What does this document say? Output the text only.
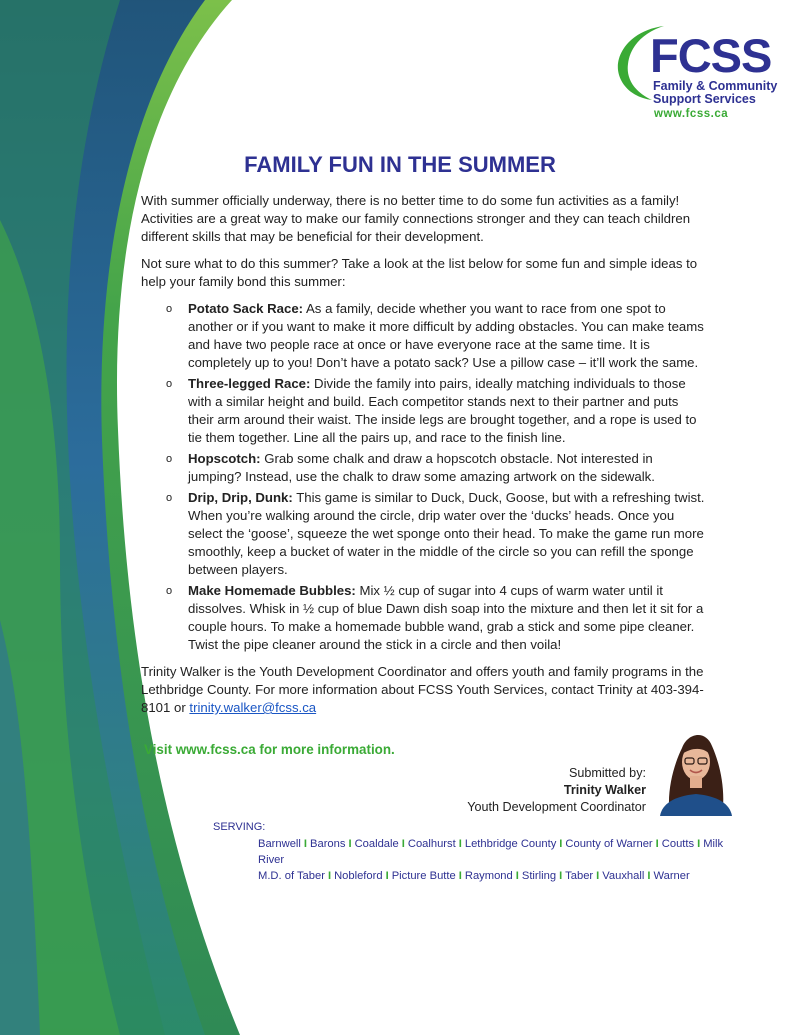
FCSS
Family & Community
Support Services
www.fcss.ca
FAMILY FUN IN THE SUMMER

With summer officially underway, there is no better time to do some fun activities as a family! Activities are a great way to make our family connections stronger and they can teach children different skills that may be beneficial for their development.

Not sure what to do this summer? Take a look at the list below for some fun and simple ideas to help your family bond this summer:

o Potato Sack Race: As a family, decide whether you want to race from one spot to another or if you want to make it more difficult by adding obstacles. You can make teams and have two people race at once or have everyone race at the same time. It is completely up to you! Don’t have a potato sack? Use a pillow case – it’ll work the same.
o Three-legged Race: Divide the family into pairs, ideally matching individuals to those with a similar height and build. Each competitor stands next to their partner and puts their arm around their waist. The inside legs are brought together, and a rope is used to tie them together. Line all the pairs up, and race to the finish line.
o Hopscotch: Grab some chalk and draw a hopscotch obstacle. Not interested in jumping? Instead, use the chalk to draw some amazing artwork on the sidewalk.
o Drip, Drip, Dunk: This game is similar to Duck, Duck, Goose, but with a refreshing twist. When you’re walking around the circle, drip water over the ‘ducks’ heads. Once you select the ‘goose’, squeeze the wet sponge onto their head. To make the game run more smoothly, keep a bucket of water in the middle of the circle so you can refill the sponge between players.
o Make Homemade Bubbles: Mix ½ cup of sugar into 4 cups of warm water until it dissolves. Whisk in ½ cup of blue Dawn dish soap into the mixture and then let it sit for a couple hours. To make a homemade bubble wand, grab a stick and some pipe cleaner. Twist the pipe cleaner around the stick in a circle and then voila!

Trinity Walker is the Youth Development Coordinator and offers youth and family programs in the Lethbridge County. For more information about FCSS Youth Services, contact Trinity at 403-394-8101 or trinity.walker@fcss.ca

Visit www.fcss.ca for more information.
Submitted by:
Trinity Walker
Youth Development Coordinator
SERVING:
Barnwell I Barons I Coaldale I Coalhurst I Lethbridge County I County of Warner I Coutts I Milk River
M.D. of Taber I Nobleford I Picture Butte I Raymond I Stirling I Taber I Vauxhall I Warner
